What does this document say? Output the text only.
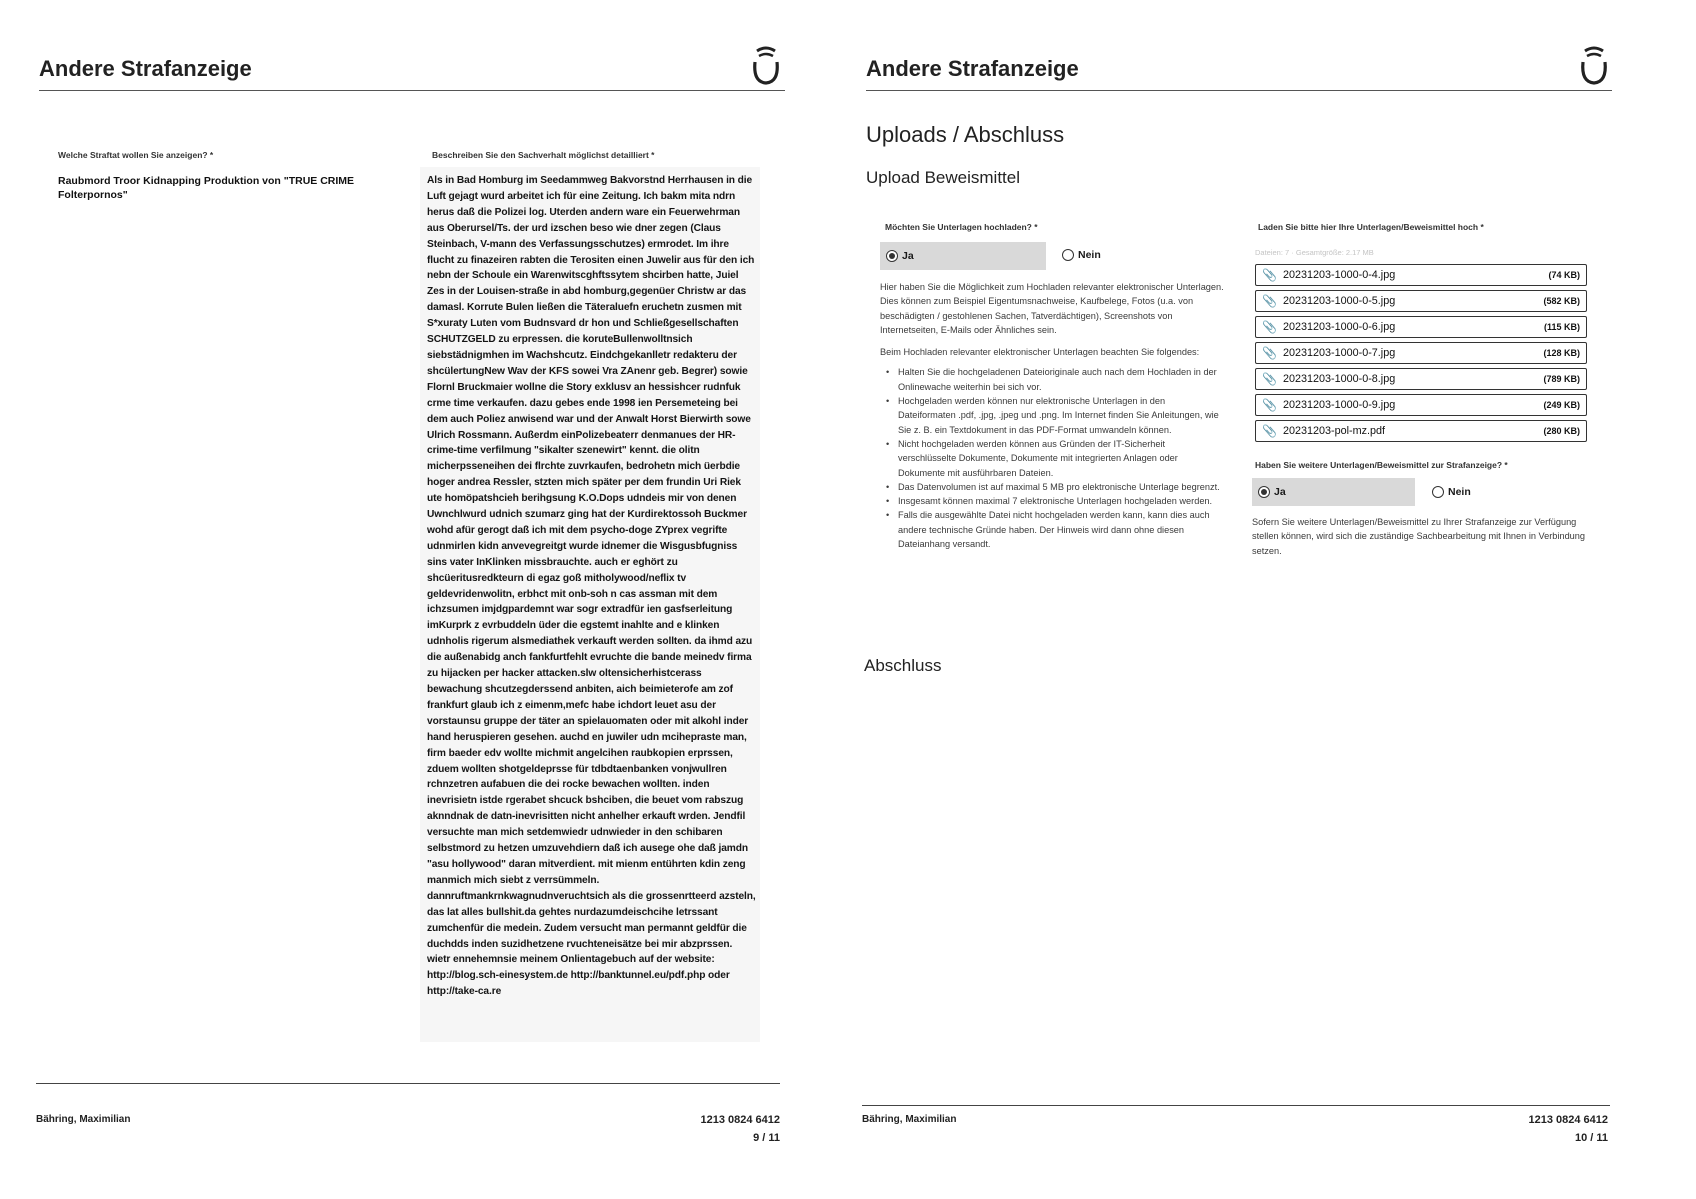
Andere Strafanzeige
Welche Straftat wollen Sie anzeigen? *
Raubmord Troor Kidnapping Produktion von "TRUE CRIME Folterpornos"
Beschreiben Sie den Sachverhalt möglichst detailliert *

Als in Bad Homburg im Seedammweg Bakvorstnd Herrhausen in die Luft gejagt wurd arbeitet ich für eine Zeitung. Ich bakm mita ndrn herus daß die Polizei log. Uterden andern ware ein Feuerwehrman aus Oberursel/Ts. der urd izschen beso wie dner zegen (Claus Steinbach, V-mann des Verfassungsschutzes) ermrodet. Im ihre flucht zu finazeiren rabten die Terositen einen Juwelir aus für den ich nebn der Schoule ein Warenwitscghftssytem shcirben hatte, Juiel Zes in der Louisen-straße in abd homburg,gegenüer Christw ar das damasl. Korrute Bulen ließen die Täteraluefn eruchetn zusmen mit S*xuraty Luten vom Budnsvard dr hon und Schließgesellschaften SCHUTZGELD zu erpressen. die koruteBullenwolltnsich siebstädnigmhen im Wachshcutz. Eindchgekanlletr redakteru der shcülertungNew Wav der KFS sowei Vra ZAnenr geb. Begrer) sowie Flornl Bruckmaier wollne die Story exklusv an hessishcer rudnfuk crme time verkaufen. dazu gebes ende 1998 ien Persemeteing bei dem auch Poliez anwisend war und der Anwalt Horst Bierwirth sowe Ulrich Rossmann. Außerdm einPolizebeaterr denmanues der HR-crime-time verfilmung "sikalter szenewirt" kennt. die olitn micherpsseneihen dei flrchte zuvrkaufen, bedrohetn mich üerbdie hoger andrea Ressler, stzten mich später per dem frundin Uri Riek ute homöpatshcieh berihgsung K.O.Dops udndeis mir von denen Uwnchlwurd udnich szumarz ging hat der Kurdirektossoh Buckmer wohd afür gerogt daß ich mit dem psycho-doge ZYprex vegrifte udnmirlen kidn anvevegreitgt wurde idnemer die Wisgusbfugniss sins vater InKlinken missbrauchte. auch er eghört zu shcüeritusredkteurn di egaz goß mitholywood/neflix tv geldevridenwolitn, erbhct mit onb-soh n cas assman mit dem ichzsumen imjdgpardemnt war sogr extradfür ien gasfserleitung imKurprk z evrbuddeln üder die egstemt inahlte and e klinken udnholis rigerum alsmediathek verkauft werden sollten. da ihmd azu die außenabidg anch fankfurtfehlt evruchte die bande meinedv firma zu hijacken per hacker attacken.slw oltensicherhistcerass bewachung shcutzegderssend anbiten, aich beimieterofe am zof frankfurt glaub ich z eimenm,mefc habe ichdort leuet asu der vorstaunsu gruppe der täter an spielauomaten oder mit alkohl inder hand heruspieren gesehen. auchd en juwiler udn mcihepraste man, firm baeder edv wollte michmit angelcihen raubkopien erprssen, zduem wollten shotgeldeprsse für tdbdtaenbanken vonjwullren rchnzetren aufabuen die dei rocke bewachen wollten. inden inevrisietn istde rgerabet shcuck bshciben, die beuet vom rabszug aknndnak de datn-inevrisitten nicht anhelher erkauft wrden. Jendfil versuchte man mich setdemwiedr udnwieder in den schibaren selbstmord zu hetzen umzuvehdiern daß ich ausege ohe daß jamdn "asu hollywood" daran mitverdient. mit mienm entührten kdin zeng manmich mich siebt z verrsümmeln. dannruftmankrnkwagnudnveruchtsich als die grossenrtteerd azsteln, das lat alles bullshit.da gehtes nurdazumdeischcihe letrssant zumchenfür die medein. Zudem versucht man permannt geldfür die duchdds inden suzidhetzene rvuchteneisätze bei mir abzprssen. wietr ennehemnsie meinem Onlientagebuch auf der website: http://blog.sch-einesystem.de http://banktunnel.eu/pdf.php oder http://take-ca.re

Bähring, Maximilian	1213 0824 6412
9 / 11
Andere Strafanzeige
Uploads / Abschluss
Upload Beweismittel
Möchten Sie Unterlagen hochladen? *
Ja	Nein

Hier haben Sie die Möglichkeit zum Hochladen relevanter elektronischer Unterlagen. Dies können zum Beispiel Eigentumsnachweise, Kaufbelege, Fotos (u.a. von beschädigten / gestohlenen Sachen, Tatverdächtigen), Screenshots von Internetseiten, E-Mails oder Ähnliches sein.

Beim Hochladen relevanter elektronischer Unterlagen beachten Sie folgendes:

• Halten Sie die hochgeladenen Dateioriginale auch nach dem Hochladen in der Onlinewache weiterhin bei sich vor.
• Hochgeladen werden können nur elektronische Unterlagen in den Dateiformaten .pdf, .jpg, .jpeg und .png. Im Internet finden Sie Anleitungen, wie Sie z. B. ein Textdokument in das PDF-Format umwandeln können.
• Nicht hochgeladen werden können aus Gründen der IT-Sicherheit verschlüsselte Dokumente, Dokumente mit integrierten Anlagen oder Dokumente mit ausführbaren Dateien.
• Das Datenvolumen ist auf maximal 5 MB pro elektronische Unterlage begrenzt.
• Insgesamt können maximal 7 elektronische Unterlagen hochgeladen werden.
• Falls die ausgewählte Datei nicht hochgeladen werden kann, kann dies auch andere technische Gründe haben. Der Hinweis wird dann ohne diesen Dateianhang versandt.
Laden Sie bitte hier Ihre Unterlagen/Beweismittel hoch *
Dateien: 7 · Gesamtgröße: 2.17 MB
📎 20231203-1000-0-4.jpg	(74 KB)
📎 20231203-1000-0-5.jpg	(582 KB)
📎 20231203-1000-0-6.jpg	(115 KB)
📎 20231203-1000-0-7.jpg	(128 KB)
📎 20231203-1000-0-8.jpg	(789 KB)
📎 20231203-1000-0-9.jpg	(249 KB)
📎 20231203-pol-mz.pdf	(280 KB)
Haben Sie weitere Unterlagen/Beweismittel zur Strafanzeige? *
Ja	Nein
Sofern Sie weitere Unterlagen/Beweismittel zu Ihrer Strafanzeige zur Verfügung stellen können, wird sich die zuständige Sachbearbeitung mit Ihnen in Verbindung setzen.
Abschluss
Bähring, Maximilian	1213 0824 6412
10 / 11
